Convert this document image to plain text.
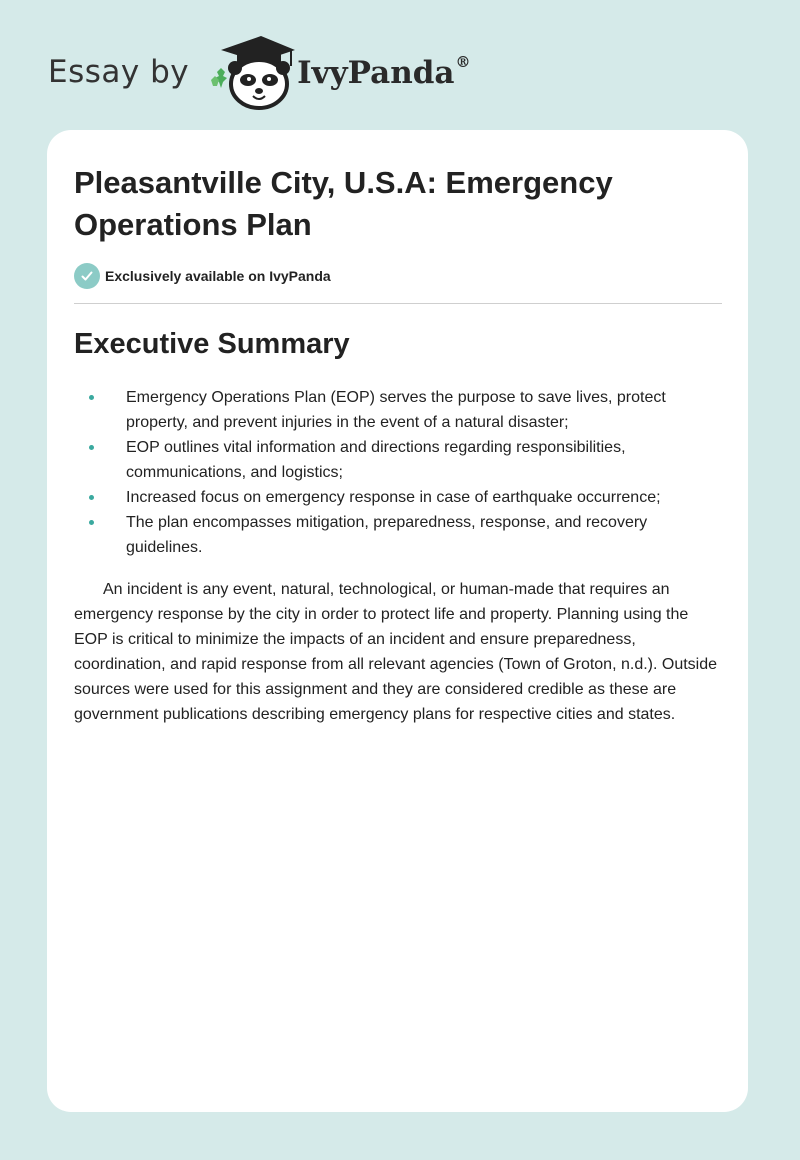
Essay by	IvyPanda®
Pleasantville City, U.S.A: Emergency Operations Plan
Exclusively available on IvyPanda
Executive Summary
Emergency Operations Plan (EOP) serves the purpose to save lives, protect property, and prevent injuries in the event of a natural disaster;
EOP outlines vital information and directions regarding responsibilities, communications, and logistics;
Increased focus on emergency response in case of earthquake occurrence;
The plan encompasses mitigation, preparedness, response, and recovery guidelines.

An incident is any event, natural, technological, or human-made that requires an emergency response by the city in order to protect life and property. Planning using the EOP is critical to minimize the impacts of an incident and ensure preparedness, coordination, and rapid response from all relevant agencies (Town of Groton, n.d.). Outside sources were used for this assignment and they are considered credible as these are government publications describing emergency plans for respective cities and states.
